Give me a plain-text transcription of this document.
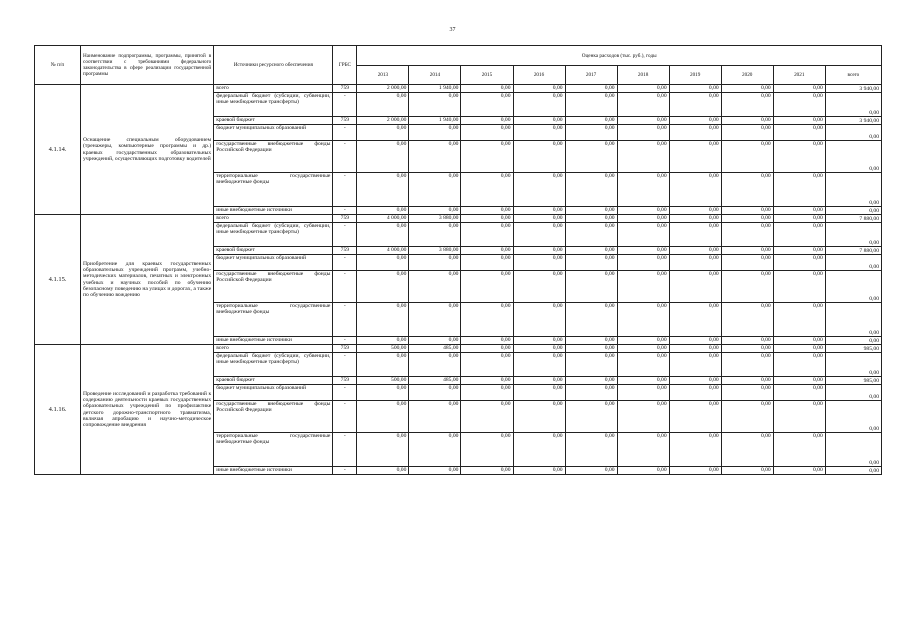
37
№ п/п	Наименование подпрограммы, программы, принятой в соответствии с требованиями федерального законодательства в сфере реализации государственной программы	Источники ресурсного обеспечения	ГРБС	Оценка расходов (тыс. руб.), годы									
				2013	2014	2015	2016	2017	2018	2019	2020	2021	всего
4.1.14.	Оснащение специальным оборудованием (тренажеры, компьютерные программы и др.) краевых государственных образовательных учреждений, осуществляющих подготовку водителей	всего	759	2 000,00	1 940,00	0,00	0,00	0,00	0,00	0,00	0,00	0,00	3 940,00
		федеральный бюджет (субсидии, субвенции, иные межбюджетные трансферты)	-	0,00	0,00	0,00	0,00	0,00	0,00	0,00	0,00	0,00	0,00
		краевой бюджет	759	2 000,00	1 940,00	0,00	0,00	0,00	0,00	0,00	0,00	0,00	3 940,00
		бюджет муниципальных образований	-	0,00	0,00	0,00	0,00	0,00	0,00	0,00	0,00	0,00	0,00
		государственные внебюджетные фонды Российской Федерации	-	0,00	0,00	0,00	0,00	0,00	0,00	0,00	0,00	0,00	0,00
		территориальные государственные внебюджетные фонды	-	0,00	0,00	0,00	0,00	0,00	0,00	0,00	0,00	0,00	0,00
		иные внебюджетные источники	-	0,00	0,00	0,00	0,00	0,00	0,00	0,00	0,00	0,00	0,00
4.1.15.	Приобретение для краевых государственных образовательных учреждений программ, учебно-методических материалов, печатных и электронных учебных и научных пособий по обучению безопасному поведению на улицах и дорогах, а также по обучению вождению	всего	759	4 000,00	3 880,00	0,00	0,00	0,00	0,00	0,00	0,00	0,00	7 880,00
		федеральный бюджет (субсидии, субвенции, иные межбюджетные трансферты)	-	0,00	0,00	0,00	0,00	0,00	0,00	0,00	0,00	0,00	0,00
		краевой бюджет	759	4 000,00	3 880,00	0,00	0,00	0,00	0,00	0,00	0,00	0,00	7 880,00
		бюджет муниципальных образований	-	0,00	0,00	0,00	0,00	0,00	0,00	0,00	0,00	0,00	0,00
		государственные внебюджетные фонды Российской Федерации	-	0,00	0,00	0,00	0,00	0,00	0,00	0,00	0,00	0,00	0,00
		территориальные государственные внебюджетные фонды	-	0,00	0,00	0,00	0,00	0,00	0,00	0,00	0,00	0,00	0,00
		иные внебюджетные источники	-	0,00	0,00	0,00	0,00	0,00	0,00	0,00	0,00	0,00	0,00
4.1.16.	Проведение исследований и разработка требований к содержанию деятельности краевых государственных образовательных учреждений по профилактике детского дорожно-транспортного травматизма, включая апробацию и научно-методическое сопровождение внедрения	всего	759	500,00	485,00	0,00	0,00	0,00	0,00	0,00	0,00	0,00	985,00
		федеральный бюджет (субсидии, субвенции, иные межбюджетные трансферты)	-	0,00	0,00	0,00	0,00	0,00	0,00	0,00	0,00	0,00	0,00
		краевой бюджет	759	500,00	485,00	0,00	0,00	0,00	0,00	0,00	0,00	0,00	985,00
		бюджет муниципальных образований	-	0,00	0,00	0,00	0,00	0,00	0,00	0,00	0,00	0,00	0,00
		государственные внебюджетные фонды Российской Федерации	-	0,00	0,00	0,00	0,00	0,00	0,00	0,00	0,00	0,00	0,00
		территориальные государственные внебюджетные фонды	-	0,00	0,00	0,00	0,00	0,00	0,00	0,00	0,00	0,00	0,00
		иные внебюджетные источники	-	0,00	0,00	0,00	0,00	0,00	0,00	0,00	0,00	0,00	0,00
